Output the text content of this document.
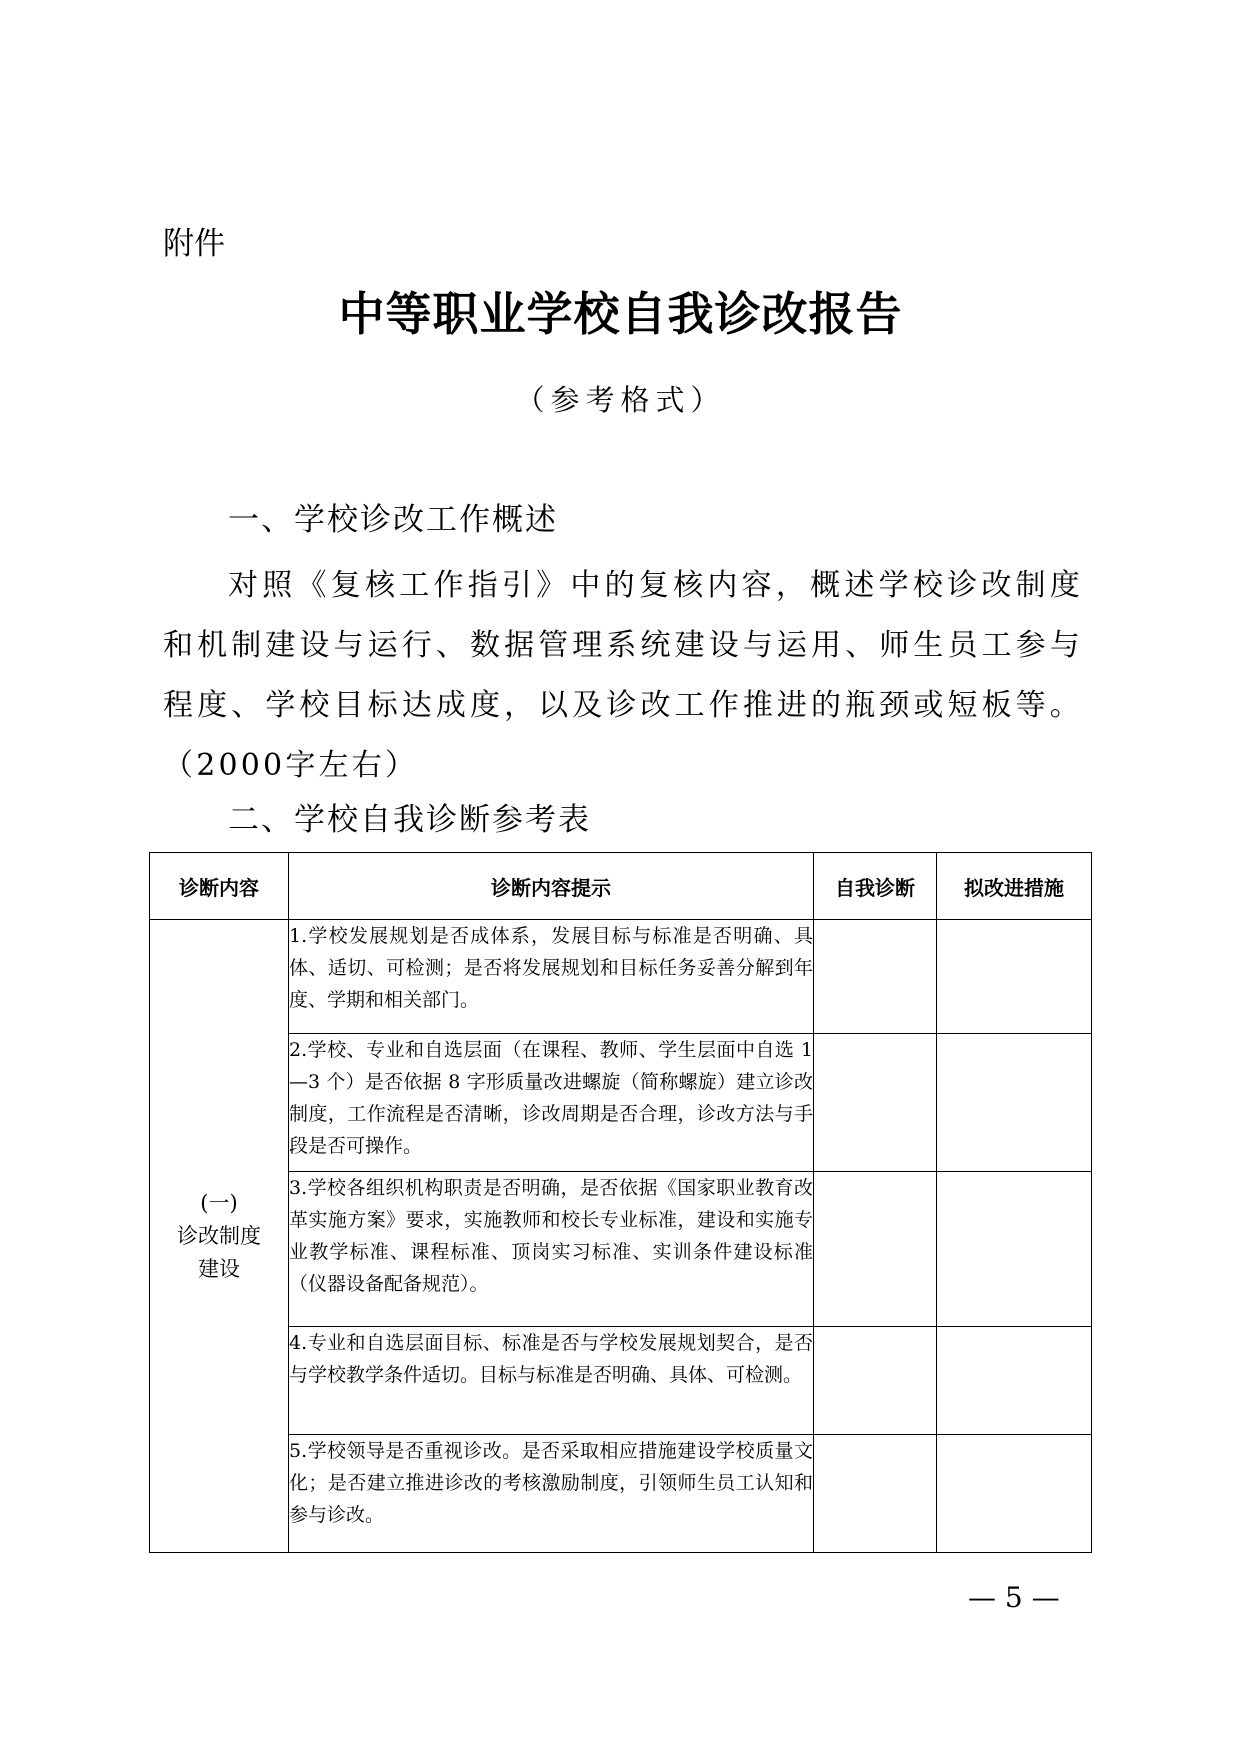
附件
中等职业学校自我诊改报告
（参考格式）
一、学校诊改工作概述
对照《复核工作指引》中的复核内容，概述学校诊改制度和机制建设与运行、数据管理系统建设与运用、师生员工参与程度、学校目标达成度，以及诊改工作推进的瓶颈或短板等。（2000字左右）
二、学校自我诊断参考表
诊断内容	诊断内容提示	自我诊断	拟改进措施

(一)
诊改制度
建设	1.学校发展规划是否成体系，发展目标与标准是否明确、具体、适切、可检测；是否将发展规划和目标任务妥善分解到年度、学期和相关部门。		
	2.学校、专业和自选层面（在课程、教师、学生层面中自选 1—3 个）是否依据 8 字形质量改进螺旋（简称螺旋）建立诊改制度，工作流程是否清晰，诊改周期是否合理，诊改方法与手段是否可操作。		
	3.学校各组织机构职责是否明确，是否依据《国家职业教育改革实施方案》要求，实施教师和校长专业标准，建设和实施专业教学标准、课程标准、顶岗实习标准、实训条件建设标准（仪器设备配备规范）。		
	4.专业和自选层面目标、标准是否与学校发展规划契合，是否与学校教学条件适切。目标与标准是否明确、具体、可检测。		
	5.学校领导是否重视诊改。是否采取相应措施建设学校质量文化；是否建立推进诊改的考核激励制度，引领师生员工认知和参与诊改。		
— 5 —
